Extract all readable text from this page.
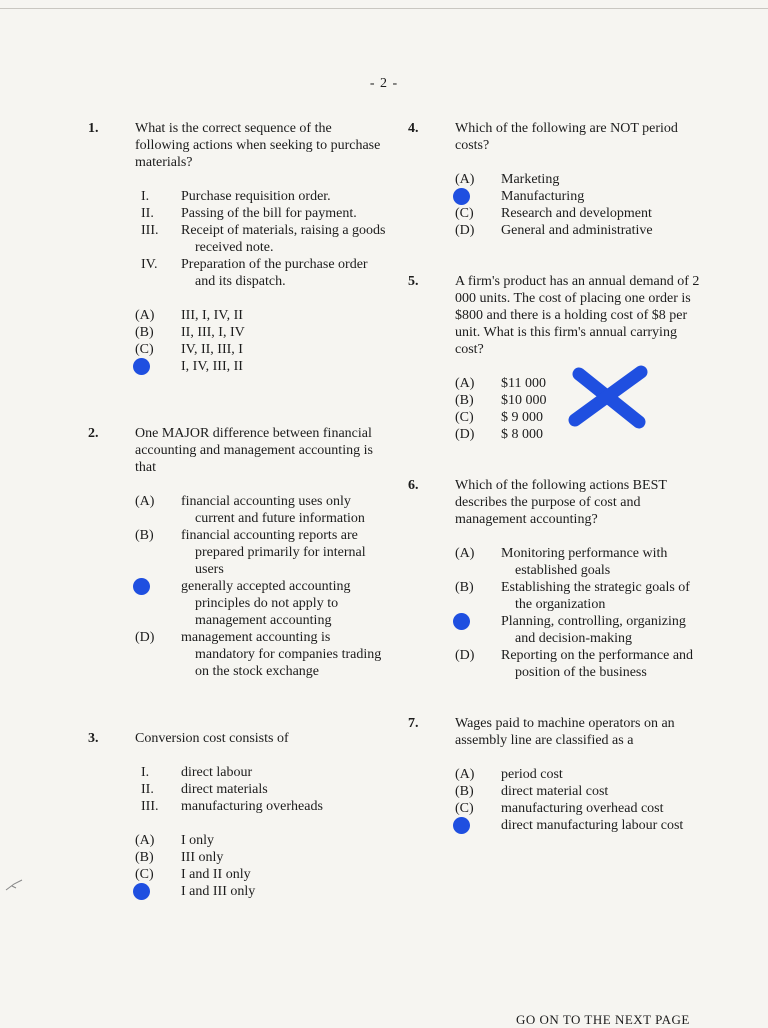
- 2 -
1.	What is the correct sequence of the following actions when seeking to purchase materials?
I.	Purchase requisition order.
II.	Passing of the bill for payment.
III.	Receipt of materials, raising a goods received note.
IV.	Preparation of the purchase order and its dispatch.
(A)	III, I, IV, II
(B)	II, III, I, IV
(C)	IV, II, III, I
I, IV, III, II
2.	One MAJOR difference between financial accounting and management accounting is that
(A)	financial accounting uses only current and future information
(B)	financial accounting reports are prepared primarily for internal users
generally accepted accounting principles do not apply to management accounting
(D)	management accounting is mandatory for companies trading on the stock exchange
3.	Conversion cost consists of
I.	direct labour
II.	direct materials
III.	manufacturing overheads
(A)	I only
(B)	III only
(C)	I and II only
I and III only
4.	Which of the following are NOT period costs?
(A)	Marketing
Manufacturing
(C)	Research and development
(D)	General and administrative
5.	A firm's product has an annual demand of 2 000 units. The cost of placing one order is $800 and there is a holding cost of $8 per unit. What is this firm's annual carrying cost?
(A)	$11 000
(B)	$10 000
(C)	$ 9 000
(D)	$ 8 000
6.	Which of the following actions BEST describes the purpose of cost and management accounting?
(A)	Monitoring performance with established goals
(B)	Establishing the strategic goals of the organization
Planning, controlling, organizing and decision-making
(D)	Reporting on the performance and position of the business
7.	Wages paid to machine operators on an assembly line are classified as a
(A)	period cost
(B)	direct material cost
(C)	manufacturing overhead cost
direct manufacturing labour cost
GO ON TO THE NEXT PAGE
